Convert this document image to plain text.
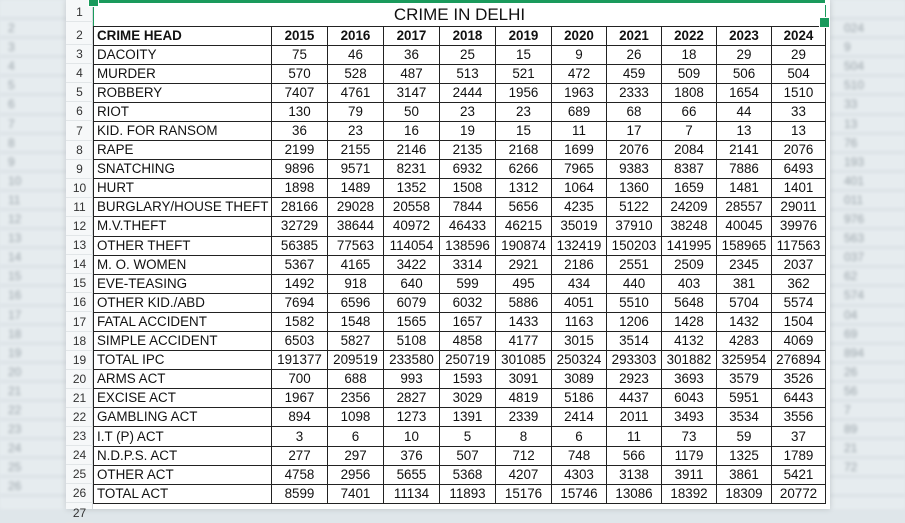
2
3
4
5
6
7
8
9
10
11
12
13
14
15
16
17
18
19
20
21
22
23
24
25
26
024
9
504
510
33
13
76
193
401
011
976
563
037
62
574
04
69
894
26
56
7
89
21
72
1
2
3
4
5
6
7
8
9
10
11
12
13
14
15
16
17
18
19
20
21
22
23
24
25
26
27
CRIME IN DELHI										
CRIME HEAD	2015	2016	2017	2018	2019	2020	2021	2022	2023	2024
DACOITY	75	46	36	25	15	9	26	18	29	29
MURDER	570	528	487	513	521	472	459	509	506	504
ROBBERY	7407	4761	3147	2444	1956	1963	2333	1808	1654	1510
RIOT	130	79	50	23	23	689	68	66	44	33
KID. FOR RANSOM	36	23	16	19	15	11	17	7	13	13
RAPE	2199	2155	2146	2135	2168	1699	2076	2084	2141	2076
SNATCHING	9896	9571	8231	6932	6266	7965	9383	8387	7886	6493
HURT	1898	1489	1352	1508	1312	1064	1360	1659	1481	1401
BURGLARY/HOUSE THEFT	28166	29028	20558	7844	5656	4235	5122	24209	28557	29011
M.V.THEFT	32729	38644	40972	46433	46215	35019	37910	38248	40045	39976
OTHER THEFT	56385	77563	114054	138596	190874	132419	150203	141995	158965	117563
M. O. WOMEN	5367	4165	3422	3314	2921	2186	2551	2509	2345	2037
EVE-TEASING	1492	918	640	599	495	434	440	403	381	362
OTHER KID./ABD	7694	6596	6079	6032	5886	4051	5510	5648	5704	5574
FATAL ACCIDENT	1582	1548	1565	1657	1433	1163	1206	1428	1432	1504
SIMPLE ACCIDENT	6503	5827	5108	4858	4177	3015	3514	4132	4283	4069
TOTAL IPC	191377	209519	233580	250719	301085	250324	293303	301882	325954	276894
ARMS ACT	700	688	993	1593	3091	3089	2923	3693	3579	3526
EXCISE ACT	1967	2356	2827	3029	4819	5186	4437	6043	5951	6443
GAMBLING ACT	894	1098	1273	1391	2339	2414	2011	3493	3534	3556
I.T (P) ACT	3	6	10	5	8	6	11	73	59	37
N.D.P.S. ACT	277	297	376	507	712	748	566	1179	1325	1789
OTHER ACT	4758	2956	5655	5368	4207	4303	3138	3911	3861	5421
TOTAL ACT	8599	7401	11134	11893	15176	15746	13086	18392	18309	20772
